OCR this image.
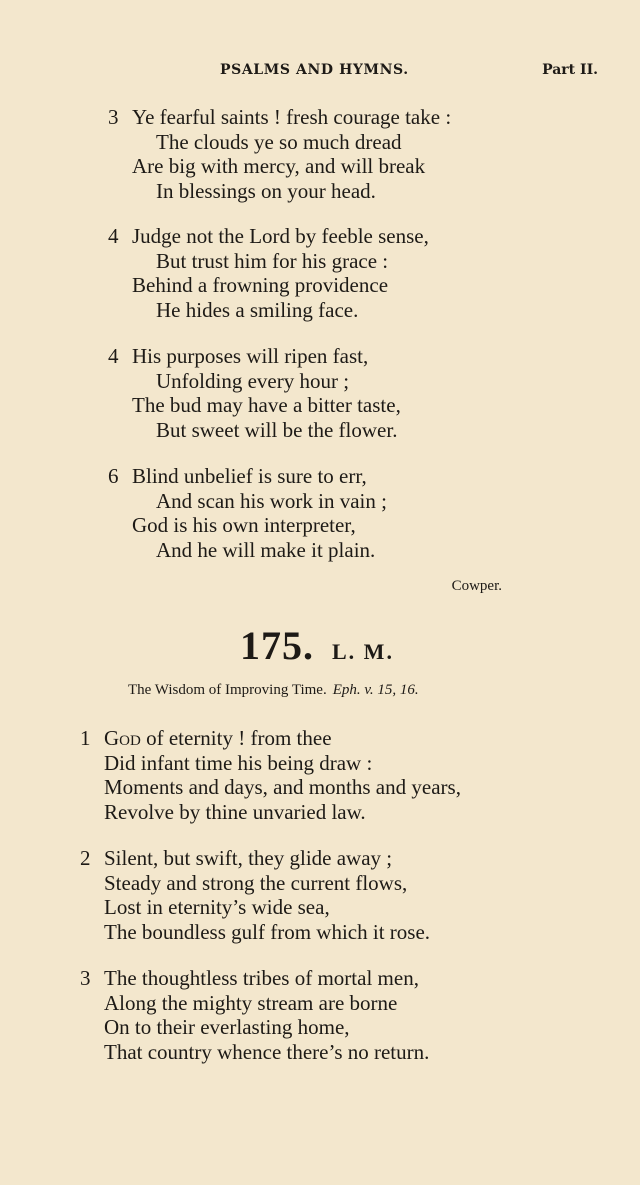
PSALMS AND HYMNS.	Part II.
3 Ye fearful saints ! fresh courage take :
The clouds ye so much dread
Are big with mercy, and will break
In blessings on your head.
4 Judge not the Lord by feeble sense,
But trust him for his grace :
Behind a frowning providence
He hides a smiling face.
4 His purposes will ripen fast,
Unfolding every hour ;
The bud may have a bitter taste,
But sweet will be the flower.
6 Blind unbelief is sure to err,
And scan his work in vain ;
God is his own interpreter,
And he will make it plain.
Cowper.
175. L. M.
The Wisdom of Improving Time. Eph. v. 15, 16.
1 God of eternity ! from thee
Did infant time his being draw :
Moments and days, and months and years,
Revolve by thine unvaried law.
2 Silent, but swift, they glide away ;
Steady and strong the current flows,
Lost in eternity’s wide sea,
The boundless gulf from which it rose.
3 The thoughtless tribes of mortal men,
Along the mighty stream are borne
On to their everlasting home,
That country whence there’s no return.
